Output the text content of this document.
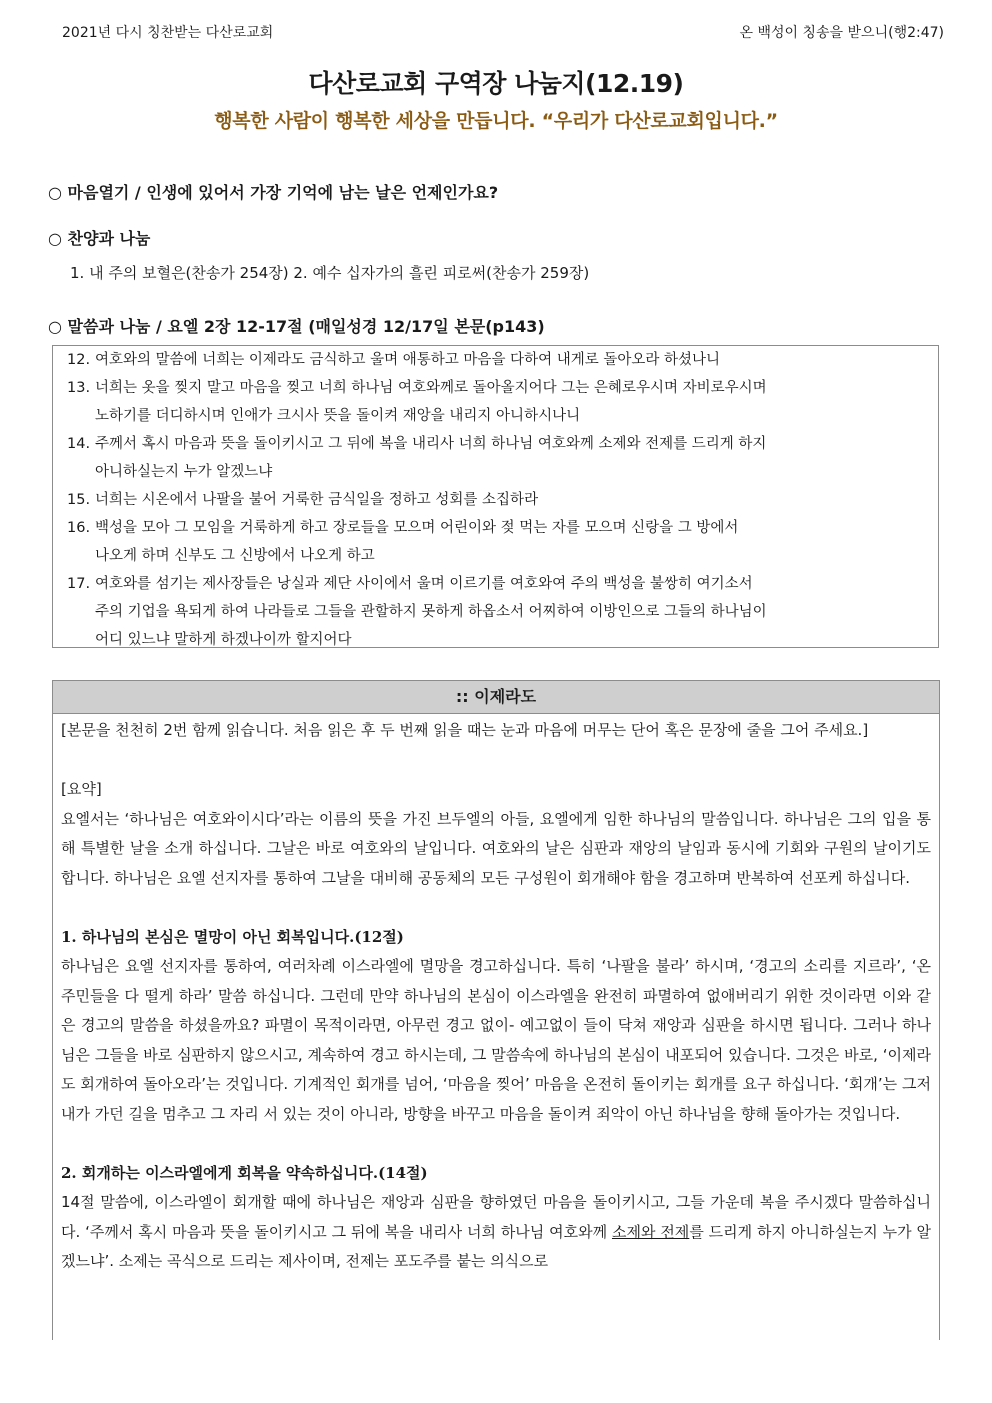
2021년 다시 칭찬받는 다산로교회	온 백성이 칭송을 받으니(행2:47)
다산로교회 구역장 나눔지(12.19)
행복한 사람이 행복한 세상을 만듭니다. “우리가 다산로교회입니다.”
○ 마음열기 / 인생에 있어서 가장 기억에 남는 날은 언제인가요?
○ 찬양과 나눔
1. 내 주의 보혈은(찬송가 254장) 2. 예수 십자가의 흘린 피로써(찬송가 259장)
○ 말씀과 나눔 / 요엘 2장 12-17절 (매일성경 12/17일 본문(p143)
12. 여호와의 말씀에 너희는 이제라도 금식하고 울며 애통하고 마음을 다하여 내게로 돌아오라 하셨나니
13. 너희는 옷을 찢지 말고 마음을 찢고 너희 하나님 여호와께로 돌아올지어다 그는 은혜로우시며 자비로우시며
노하기를 더디하시며 인애가 크시사 뜻을 돌이켜 재앙을 내리지 아니하시나니
14. 주께서 혹시 마음과 뜻을 돌이키시고 그 뒤에 복을 내리사 너희 하나님 여호와께 소제와 전제를 드리게 하지
아니하실는지 누가 알겠느냐
15. 너희는 시온에서 나팔을 불어 거룩한 금식일을 정하고 성회를 소집하라
16. 백성을 모아 그 모임을 거룩하게 하고 장로들을 모으며 어린이와 젖 먹는 자를 모으며 신랑을 그 방에서
나오게 하며 신부도 그 신방에서 나오게 하고
17. 여호와를 섬기는 제사장들은 낭실과 제단 사이에서 울며 이르기를 여호와여 주의 백성을 불쌍히 여기소서
주의 기업을 욕되게 하여 나라들로 그들을 관할하지 못하게 하옵소서 어찌하여 이방인으로 그들의 하나님이
어디 있느냐 말하게 하겠나이까 할지어다
:: 이제라도

[본문을 천천히 2번 함께 읽습니다. 처음 읽은 후 두 번째 읽을 때는 눈과 마음에 머무는 단어 혹은 문장에 줄을 그어 주세요.]

[요약]

요엘서는 ‘하나님은 여호와이시다’라는 이름의 뜻을 가진 브두엘의 아들, 요엘에게 임한 하나님의 말씀입니다. 하나님은 그의 입을 통해 특별한 날을 소개 하십니다. 그날은 바로 여호와의 날입니다. 여호와의 날은 심판과 재앙의 날임과 동시에 기회와 구원의 날이기도 합니다. 하나님은 요엘 선지자를 통하여 그날을 대비해 공동체의 모든 구성원이 회개해야 함을 경고하며 반복하여 선포케 하십니다.

1. 하나님의 본심은 멸망이 아닌 회복입니다.(12절)

하나님은 요엘 선지자를 통하여, 여러차례 이스라엘에 멸망을 경고하십니다. 특히 ‘나팔을 불라’ 하시며, ‘경고의 소리를 지르라’, ‘온 주민들을 다 떨게 하라’ 말씀 하십니다. 그런데 만약 하나님의 본심이 이스라엘을 완전히 파멸하여 없애버리기 위한 것이라면 이와 같은 경고의 말씀을 하셨을까요? 파멸이 목적이라면, 아무런 경고 없이- 예고없이 들이 닥쳐 재앙과 심판을 하시면 됩니다. 그러나 하나님은 그들을 바로 심판하지 않으시고, 계속하여 경고 하시는데, 그 말씀속에 하나님의 본심이 내포되어 있습니다. 그것은 바로, ‘이제라도 회개하여 돌아오라’는 것입니다. 기계적인 회개를 넘어, ‘마음을 찢어’ 마음을 온전히 돌이키는 회개를 요구 하십니다. ‘회개’는 그저 내가 가던 길을 멈추고 그 자리 서 있는 것이 아니라, 방향을 바꾸고 마음을 돌이켜 죄악이 아닌 하나님을 향해 돌아가는 것입니다.

2. 회개하는 이스라엘에게 회복을 약속하십니다.(14절)

14절 말씀에, 이스라엘이 회개할 때에 하나님은 재앙과 심판을 향하였던 마음을 돌이키시고, 그들 가운데 복을 주시겠다 말씀하십니다. ‘주께서 혹시 마음과 뜻을 돌이키시고 그 뒤에 복을 내리사 너희 하나님 여호와께 소제와 전제를 드리게 하지 아니하실는지 누가 알겠느냐’. 소제는 곡식으로 드리는 제사이며, 전제는 포도주를 붙는 의식으로
